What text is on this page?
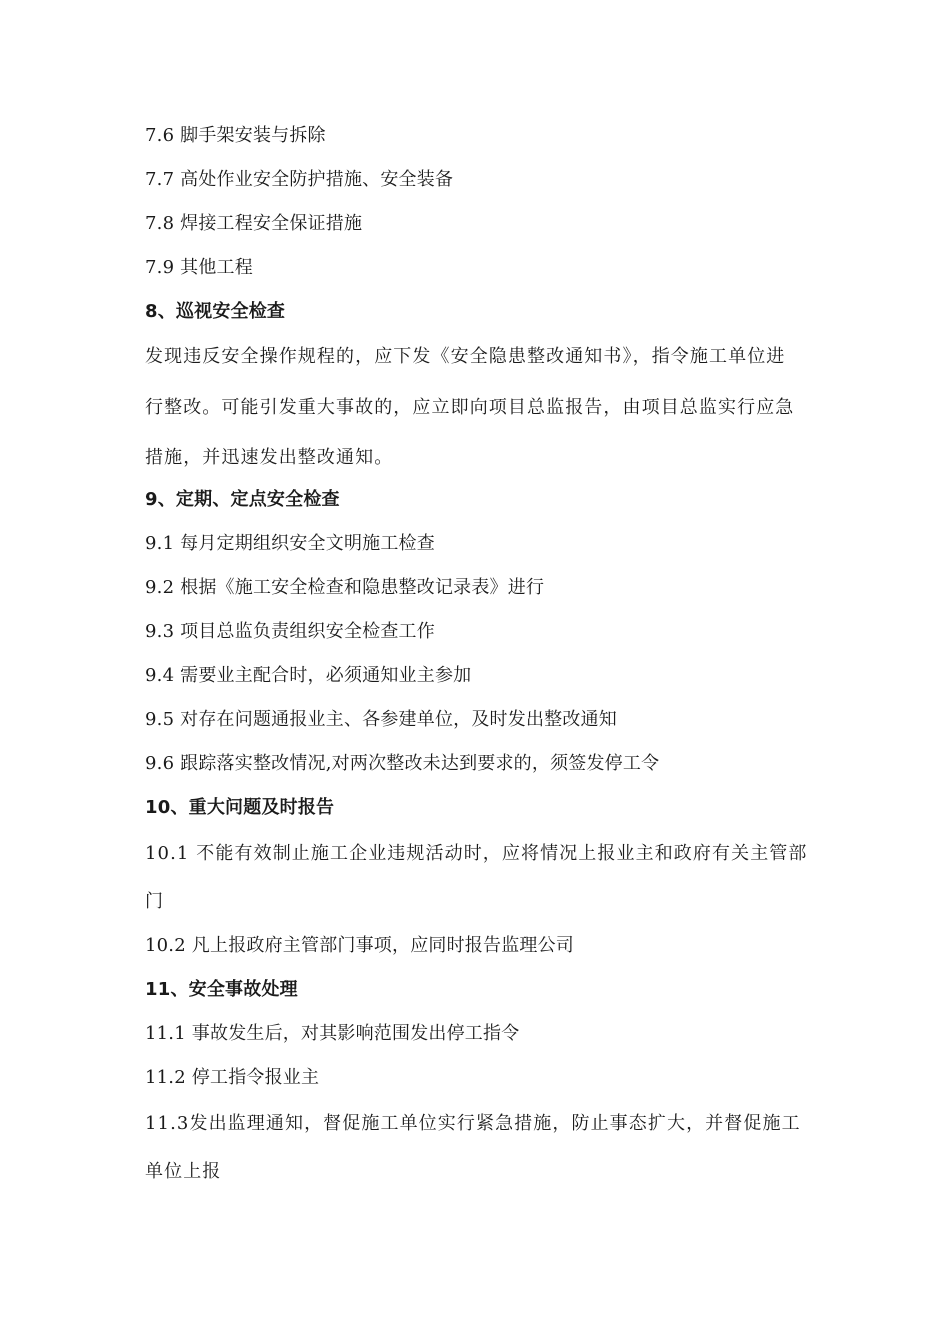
7.6 脚手架安装与拆除
7.7 高处作业安全防护措施、安全装备
7.8 焊接工程安全保证措施
7.9 其他工程
8、巡视安全检查
发现违反安全操作规程的，应下发《安全隐患整改通知书》，指令施工单位进
行整改。可能引发重大事故的，应立即向项目总监报告，由项目总监实行应急
措施，并迅速发出整改通知。
9、定期、定点安全检查
9.1 每月定期组织安全文明施工检查
9.2 根据《施工安全检查和隐患整改记录表》进行
9.3 项目总监负责组织安全检查工作
9.4 需要业主配合时，必须通知业主参加
9.5 对存在问题通报业主、各参建单位，及时发出整改通知
9.6 跟踪落实整改情况,对两次整改未达到要求的，须签发停工令
10、重大问题及时报告
10.1 不能有效制止施工企业违规活动时，应将情况上报业主和政府有关主管部
门
10.2 凡上报政府主管部门事项，应同时报告监理公司
11、安全事故处理
11.1 事故发生后，对其影响范围发出停工指令
11.2 停工指令报业主
11.3发出监理通知，督促施工单位实行紧急措施，防止事态扩大，并督促施工
单位上报
